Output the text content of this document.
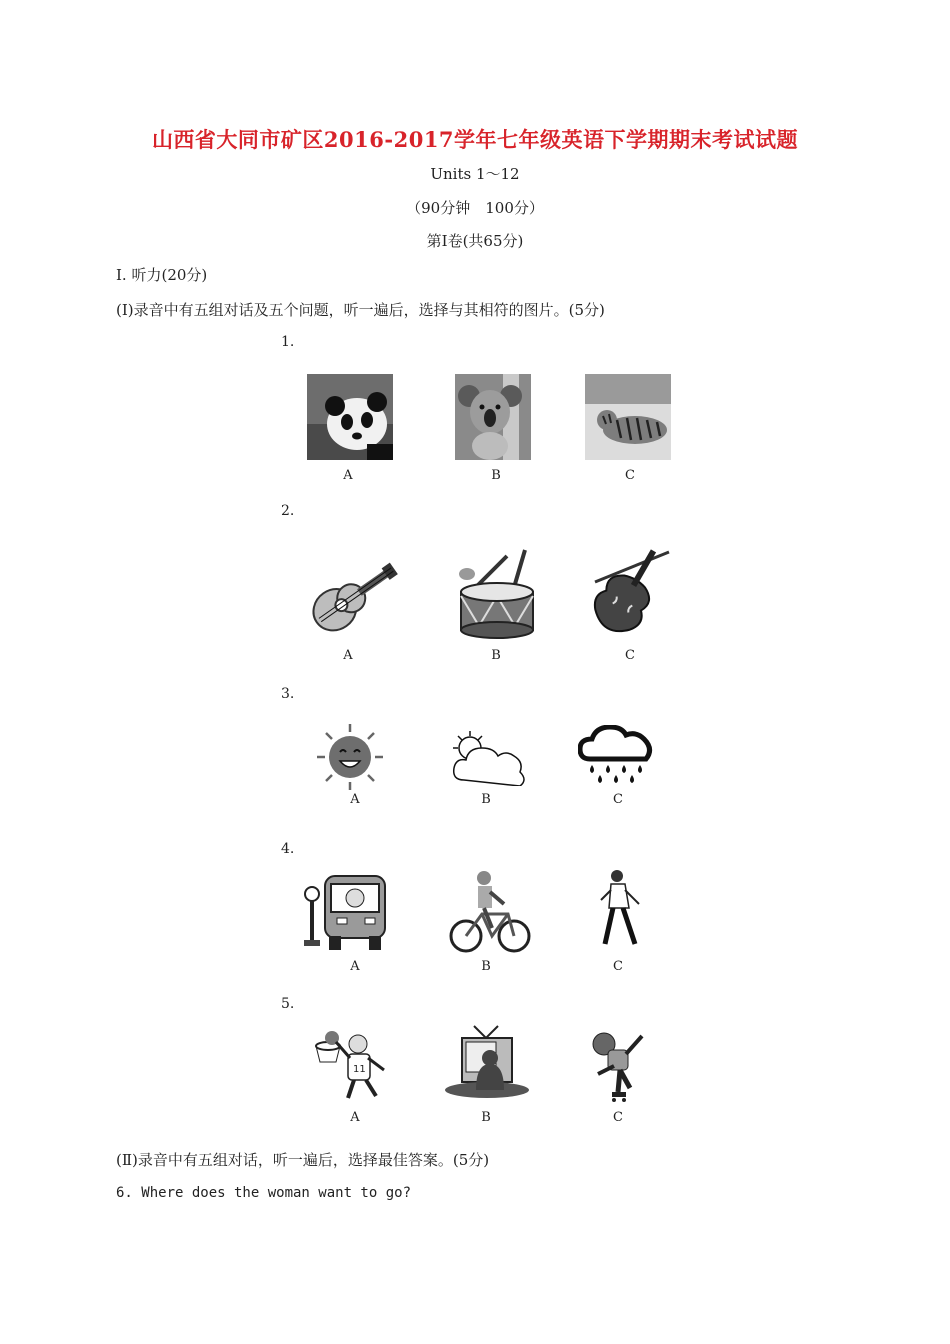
山西省大同市矿区2016-2017学年七年级英语下学期期末考试试题
Units 1～12
（90分钟　100分）
第Ⅰ卷(共65分)
Ⅰ. 听力(20分)
(Ⅰ)录音中有五组对话及五个问题，听一遍后，选择与其相符的图片。(5分)
1.
A	B	C
2.
A	B	C
3.
A	B	C
4.
A	B	C
5.
11
A	B	C
(Ⅱ)录音中有五组对话，听一遍后，选择最佳答案。(5分)
6. Where does the woman want to go?
